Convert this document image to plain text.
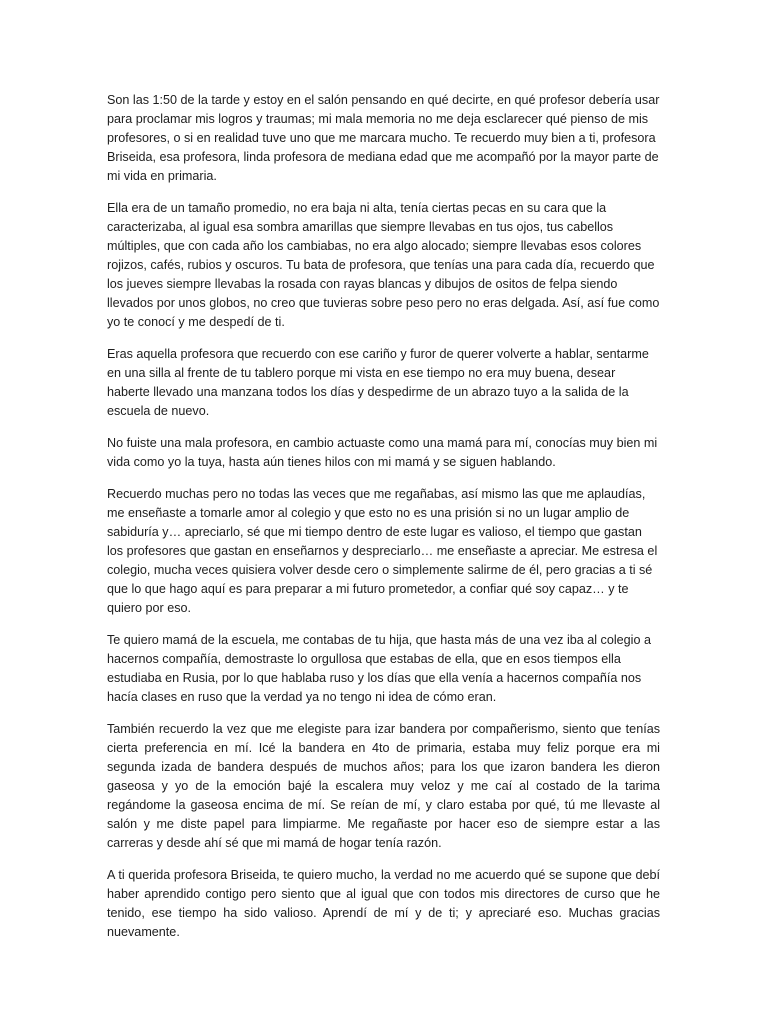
Son las 1:50 de la tarde y estoy en el salón pensando en qué decirte, en qué profesor debería usar para proclamar mis logros y traumas; mi mala memoria no me deja esclarecer qué pienso de mis profesores, o si en realidad tuve uno que me marcara mucho. Te recuerdo muy bien a ti, profesora Briseida, esa profesora, linda profesora de mediana edad que me acompañó por la mayor parte de mi vida en primaria.

Ella era de un tamaño promedio, no era baja ni alta, tenía ciertas pecas en su cara que la caracterizaba, al igual esa sombra amarillas que siempre llevabas en tus ojos, tus cabellos múltiples, que con cada año los cambiabas, no era algo alocado; siempre llevabas esos colores rojizos, cafés, rubios y oscuros. Tu bata de profesora, que tenías una para cada día, recuerdo que los jueves siempre llevabas la rosada con rayas blancas y dibujos de ositos de felpa siendo llevados por unos globos, no creo que tuvieras sobre peso pero no eras delgada. Así, así fue como yo te conocí y me despedí de ti.

Eras aquella profesora que recuerdo con ese cariño y furor de querer volverte a hablar, sentarme en una silla al frente de tu tablero porque mi vista en ese tiempo no era muy buena, desear haberte llevado una manzana todos los días y despedirme de un abrazo tuyo a la salida de la escuela de nuevo.

No fuiste una mala profesora, en cambio actuaste como una mamá para mí, conocías muy bien mi vida como yo la tuya, hasta aún tienes hilos con mi mamá y se siguen hablando.

Recuerdo muchas pero no todas las veces que me regañabas, así mismo las que me aplaudías, me enseñaste a tomarle amor al colegio y que esto no es una prisión si no un lugar amplio de sabiduría y… apreciarlo, sé que mi tiempo dentro de este lugar es valioso, el tiempo que gastan los profesores que gastan en enseñarnos y despreciarlo… me enseñaste a apreciar. Me estresa el colegio, mucha veces quisiera volver desde cero o simplemente salirme de él, pero gracias a ti sé que lo que hago aquí es para preparar a mi futuro prometedor, a confiar qué soy capaz… y te quiero por eso.

Te quiero mamá de la escuela, me contabas de tu hija, que hasta más de una vez iba al colegio a hacernos compañía, demostraste lo orgullosa que estabas de ella, que en esos tiempos ella estudiaba en Rusia, por lo que hablaba ruso y los días que ella venía a hacernos compañía nos hacía clases en ruso que la verdad ya no tengo ni idea de cómo eran.

También recuerdo la vez que me elegiste para izar bandera por compañerismo, siento que tenías cierta preferencia en mí. Icé la bandera en 4to de primaria, estaba muy feliz porque era mi segunda izada de bandera después de muchos años; para los que izaron bandera les dieron gaseosa y yo de la emoción bajé la escalera muy veloz y me caí al costado de la tarima regándome la gaseosa encima de mí. Se reían de mí, y claro estaba por qué, tú me llevaste al salón y me diste papel para limpiarme. Me regañaste por hacer eso de siempre estar a las carreras y desde ahí sé que mi mamá de hogar tenía razón.

A ti querida profesora Briseida, te quiero mucho, la verdad no me acuerdo qué se supone que debí haber aprendido contigo pero siento que al igual que con todos mis directores de curso que he tenido, ese tiempo ha sido valioso. Aprendí de mí y de ti; y apreciaré eso. Muchas gracias nuevamente.
